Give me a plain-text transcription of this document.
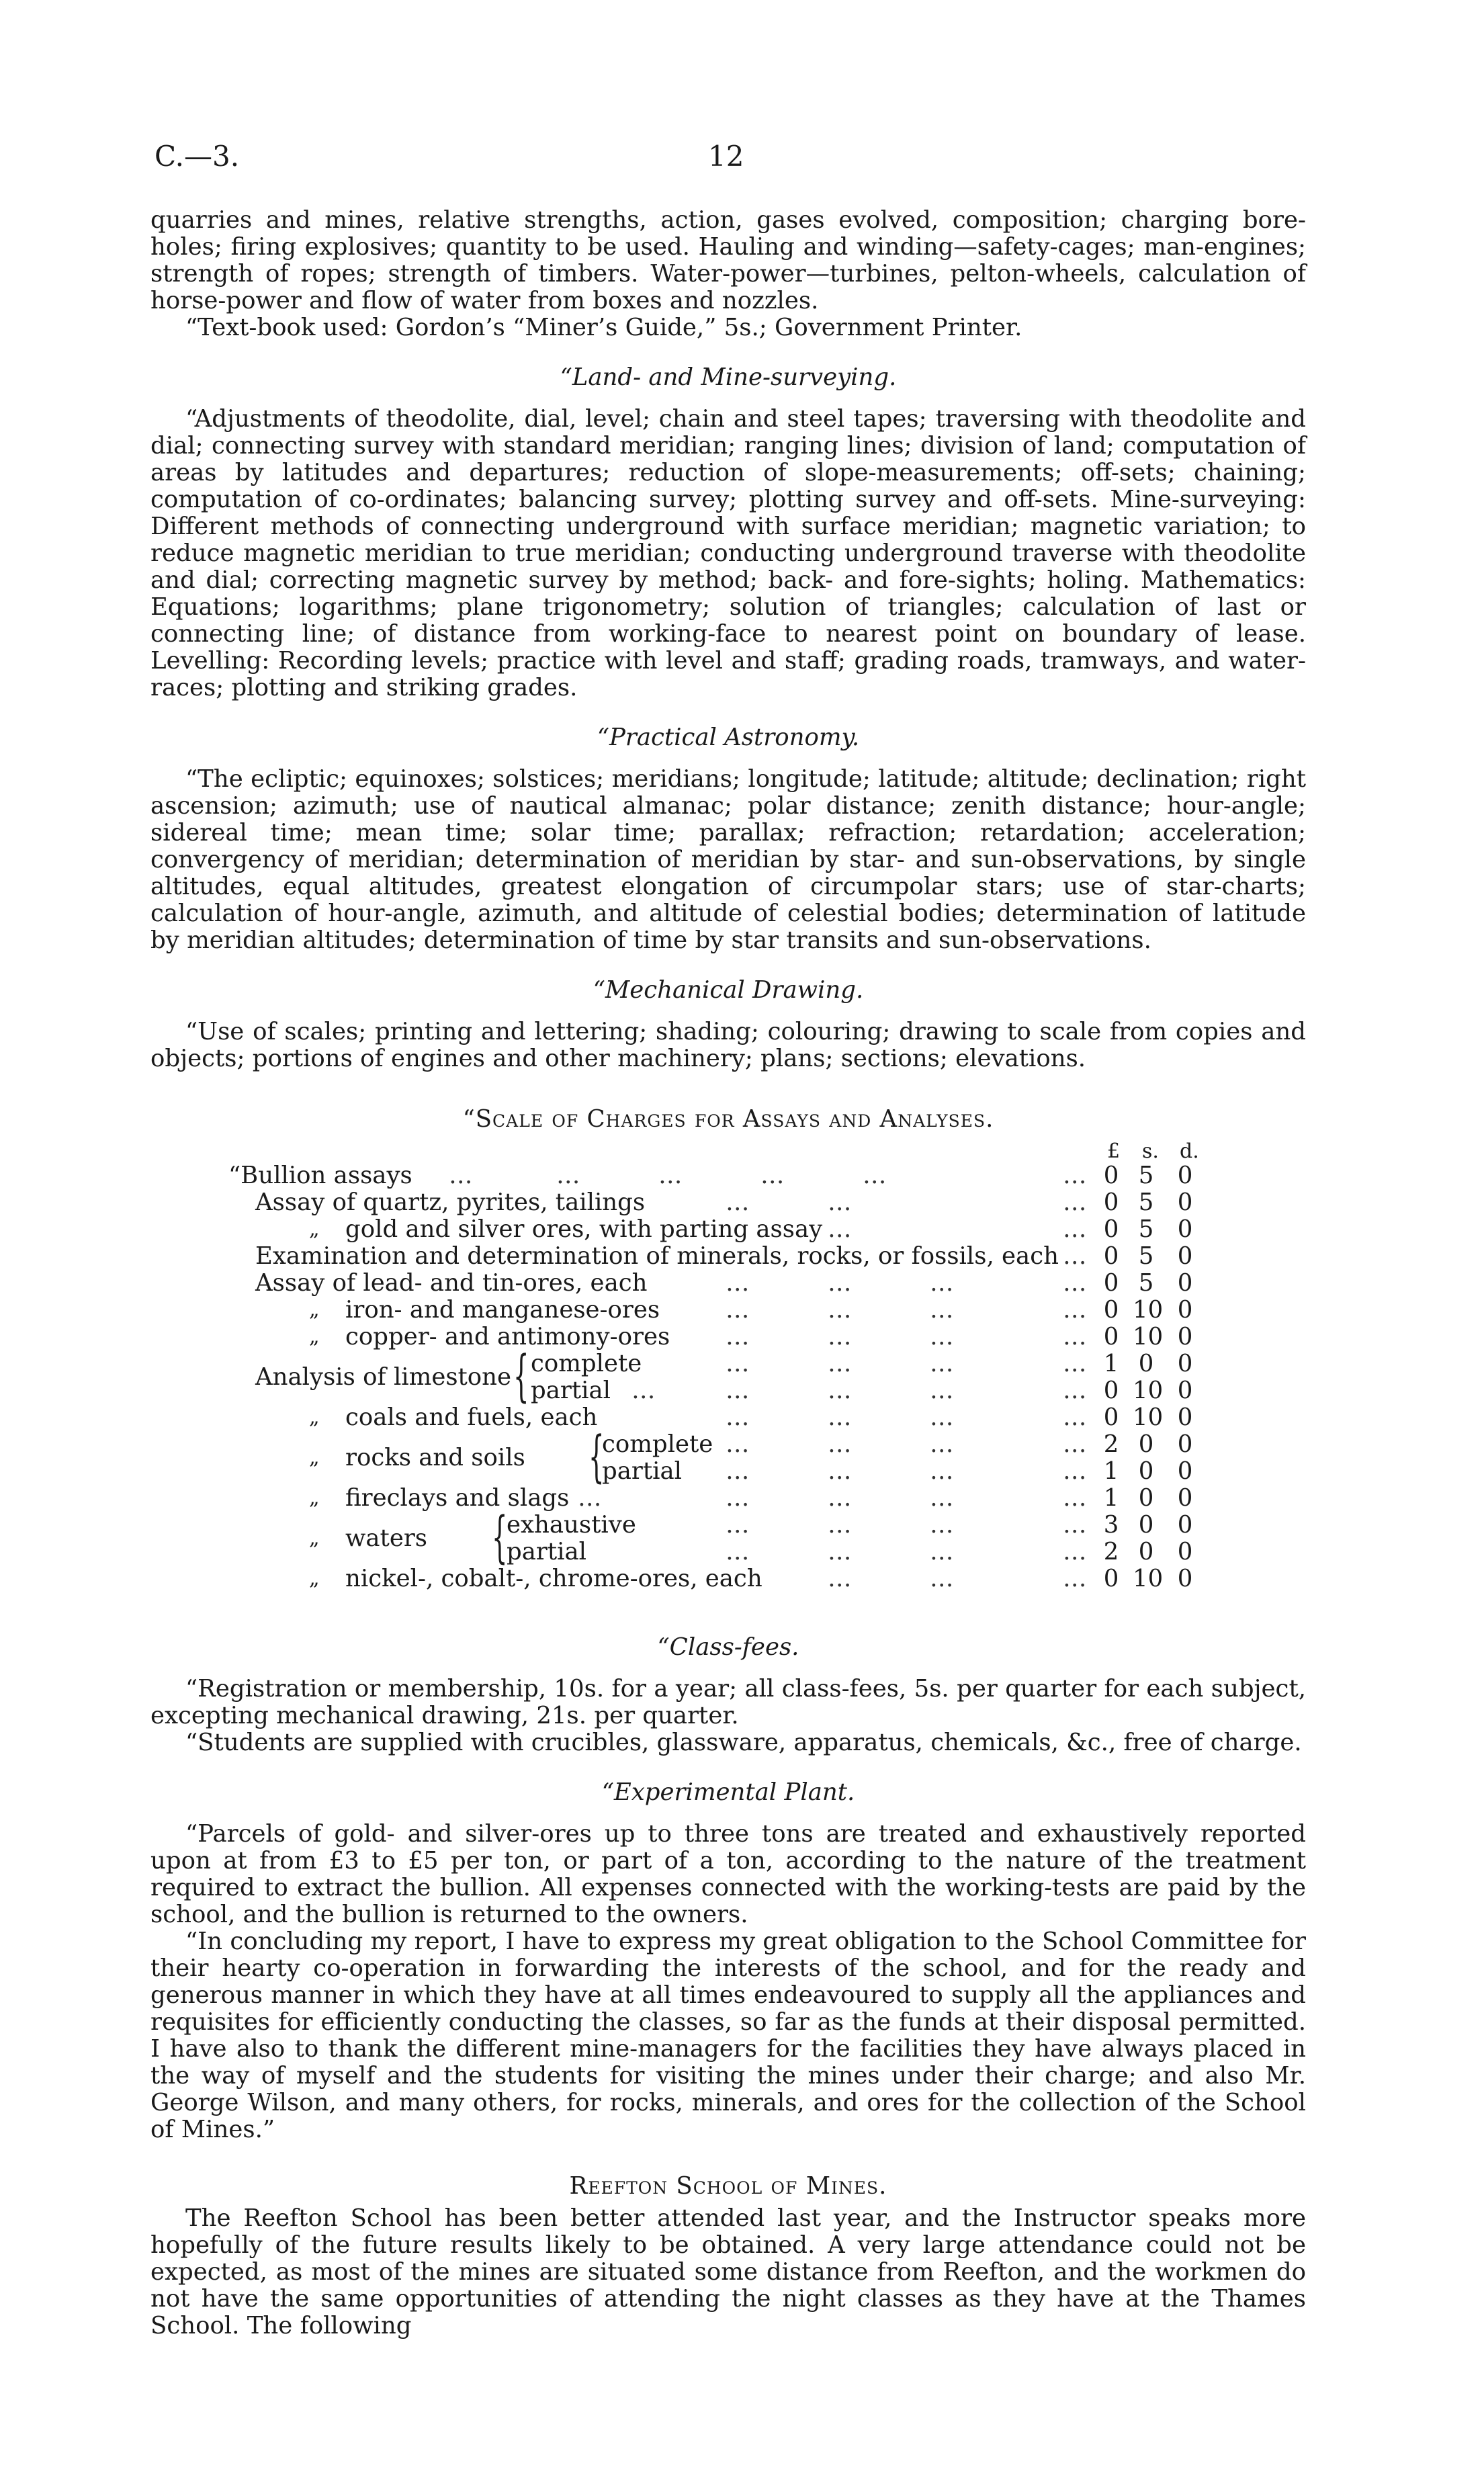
C.—3.	12

quarries and mines, relative strengths, action, gases evolved, composition; charging bore-holes; firing explosives; quantity to be used. Hauling and winding—safety-cages; man-engines; strength of ropes; strength of timbers. Water-power—turbines, pelton-wheels, calculation of horse-power and flow of water from boxes and nozzles.

“Text-book used: Gordon’s “Miner’s Guide,” 5s.; Government Printer.

“Land- and Mine-surveying.

“Adjustments of theodolite, dial, level; chain and steel tapes; traversing with theodolite and dial; connecting survey with standard meridian; ranging lines; division of land; computation of areas by latitudes and departures; reduction of slope-measurements; off-sets; chaining; computation of co-ordinates; balancing survey; plotting survey and off-sets. Mine-surveying: Different methods of connecting underground with surface meridian; magnetic variation; to reduce magnetic meridian to true meridian; conducting underground traverse with theodolite and dial; correcting magnetic survey by method; back- and fore-sights; holing. Mathematics: Equations; logarithms; plane trigonometry; solution of triangles; calculation of last or connecting line; of distance from working-face to nearest point on boundary of lease. Levelling: Recording levels; practice with level and staff; grading roads, tramways, and water-races; plotting and striking grades.

“Practical Astronomy.

“The ecliptic; equinoxes; solstices; meridians; longitude; latitude; altitude; declination; right ascension; azimuth; use of nautical almanac; polar distance; zenith distance; hour-angle; sidereal time; mean time; solar time; parallax; refraction; retardation; acceleration; convergency of meridian; determination of meridian by star- and sun-observations, by single altitudes, equal altitudes, greatest elongation of circumpolar stars; use of star-charts; calculation of hour-angle, azimuth, and altitude of celestial bodies; determination of latitude by meridian altitudes; determination of time by star transits and sun-observations.

“Mechanical Drawing.

“Use of scales; printing and lettering; shading; colouring; drawing to scale from copies and objects; portions of engines and other machinery; plans; sections; elevations.

“Scale of Charges for Assays and Analyses.

£ s. d.
“Bullion assays …	…	…	…	…	… 0 5 0
Assay of quartz, pyrites, tailings	…	…	… 0 5 0
„ gold and silver ores, with parting assay …	… 0 5 0
Examination and determination of minerals, rocks, or fossils, each … 0 5 0
Assay of lead- and tin-ores, each	…	…	…	… 0 5 0
„ iron- and manganese-ores	…	…	…	… 0 10 0
„ copper- and antimony-ores …	…	…	… 0 10 0
Analysis of limestone { complete	…	…	…	… 1 0 0
partial …	…	…	…	… 0 10 0
„ coals and fuels, each	…	…	…	… 0 10 0
„ rocks and soils {
complete …	…	…	… 2 0 0
partial …	…	…	… 1 0 0
„ fireclays and slags …	…	…	…	… 1 0 0
„ waters {
exhaustive	…	…	…	… 3 0 0
partial	…	…	…	… 2 0 0
„ nickel-, cobalt-, chrome-ores, each	…	…	… 0 10 0

“Class-fees.

“Registration or membership, 10s. for a year; all class-fees, 5s. per quarter for each subject, excepting mechanical drawing, 21s. per quarter.

“Students are supplied with crucibles, glassware, apparatus, chemicals, &c., free of charge.

“Experimental Plant.

“Parcels of gold- and silver-ores up to three tons are treated and exhaustively reported upon at from £3 to £5 per ton, or part of a ton, according to the nature of the treatment required to extract the bullion. All expenses connected with the working-tests are paid by the school, and the bullion is returned to the owners.

“In concluding my report, I have to express my great obligation to the School Committee for their hearty co-operation in forwarding the interests of the school, and for the ready and generous manner in which they have at all times endeavoured to supply all the appliances and requisites for efficiently conducting the classes, so far as the funds at their disposal permitted. I have also to thank the different mine-managers for the facilities they have always placed in the way of myself and the students for visiting the mines under their charge; and also Mr. George Wilson, and many others, for rocks, minerals, and ores for the collection of the School of Mines.”

Reefton School of Mines.

The Reefton School has been better attended last year, and the Instructor speaks more hopefully of the future results likely to be obtained. A very large attendance could not be expected, as most of the mines are situated some distance from Reefton, and the workmen do not have the same opportunities of attending the night classes as they have at the Thames School. The following
